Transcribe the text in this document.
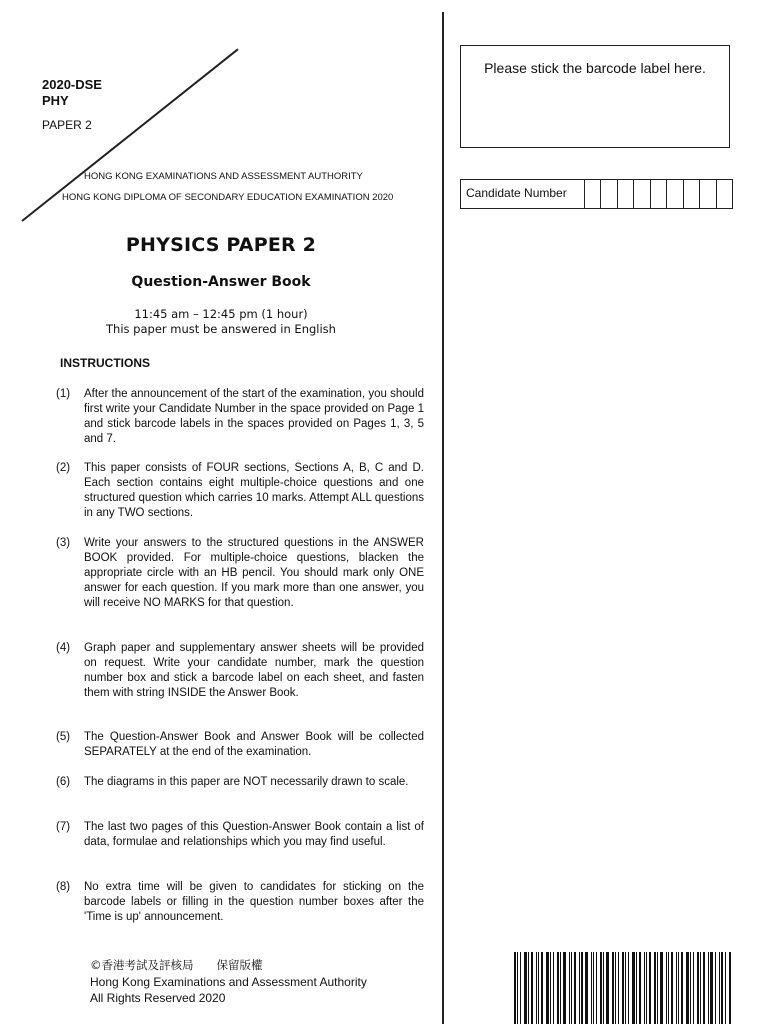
2020-DSE
PHY
PAPER 2
HONG KONG EXAMINATIONS AND ASSESSMENT AUTHORITY
HONG KONG DIPLOMA OF SECONDARY EDUCATION EXAMINATION 2020
PHYSICS PAPER 2
Question-Answer Book
11:45 am – 12:45 pm (1 hour)
This paper must be answered in English
INSTRUCTIONS
(1) After the announcement of the start of the examination, you should first write your Candidate Number in the space provided on Page 1 and stick barcode labels in the spaces provided on Pages 1, 3, 5 and 7.
(2) This paper consists of FOUR sections, Sections A, B, C and D. Each section contains eight multiple-choice questions and one structured question which carries 10 marks. Attempt ALL questions in any TWO sections.
(3) Write your answers to the structured questions in the ANSWER BOOK provided. For multiple-choice questions, blacken the appropriate circle with an HB pencil. You should mark only ONE answer for each question. If you mark more than one answer, you will receive NO MARKS for that question.
(4) Graph paper and supplementary answer sheets will be provided on request. Write your candidate number, mark the question number box and stick a barcode label on each sheet, and fasten them with string INSIDE the Answer Book.
(5) The Question-Answer Book and Answer Book will be collected SEPARATELY at the end of the examination.
(6) The diagrams in this paper are NOT necessarily drawn to scale.
(7) The last two pages of this Question-Answer Book contain a list of data, formulae and relationships which you may find useful.
(8) No extra time will be given to candidates for sticking on the barcode labels or filling in the question number boxes after the 'Time is up' announcement.
Please stick the barcode label here.
Candidate Number
©香港考試及評核局　　保留版權
Hong Kong Examinations and Assessment Authority
All Rights Reserved 2020
